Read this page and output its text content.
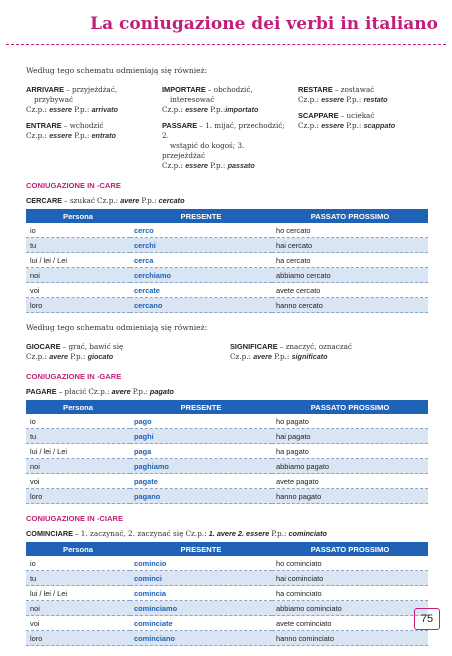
La coniugazione dei verbi in italiano
Według tego schematu odmieniają się również:
ARRIVARE – przyjeżdżać,
przybywać
Cz.p.: essere P.p.: arrivato
ENTRARE – wchodzić
Cz.p.: essere P.p.: entrato
IMPORTARE – obchodzić,
interesować
Cz.p.: essere P.p.:importato
PASSARE – 1. mijać, przechodzić; 2.
wstąpić do kogoś; 3. przejeżdżać
Cz.p.: essere P.p.: passato
RESTARE – zostawać
Cz.p.: essere P.p.: restato
SCAPPARE – uciekać
Cz.p.: essere P.p.: scappato
CONIUGAZIONE IN -CARE
CERCARE – szukać Cz.p.: avere P.p.: cercato
Persona	PRESENTE	PASSATO PROSSIMO
io	cerco	ho cercato
tu	cerchi	hai cercato
lui / lei / Lei	cerca	ha cercato
noi	cerchiamo	abbiamo cercato
voi	cercate	avete cercato
loro	cercano	hanno cercato
Według tego schematu odmieniają się również:
GIOCARE – grać, bawić się
Cz.p.: avere P.p.: giocato
SIGNIFICARE – znaczyć, oznaczać
Cz.p.: avere P.p.: significato
CONIUGAZIONE IN -GARE
PAGARE – płacić Cz.p.: avere P.p.: pagato
Persona	PRESENTE	PASSATO PROSSIMO
io	pago	ho pagato
tu	paghi	hai pagato
lui / lei / Lei	paga	ha pagato
noi	paghiamo	abbiamo pagato
voi	pagate	avete pagato
loro	pagano	hanno pagato
CONIUGAZIONE IN -CIARE
COMINCIARE – 1. zaczynać, 2. zaczynać się Cz.p.: 1. avere 2. essere P.p.: cominciato
Persona	PRESENTE	PASSATO PROSSIMO
io	comincio	ho cominciato
tu	cominci	hai cominciato
lui / lei / Lei	comincia	ha cominciato
noi	cominciamo	abbiamo cominciato
voi	cominciate	avete cominciato
loro	cominciano	hanno cominciato
75
